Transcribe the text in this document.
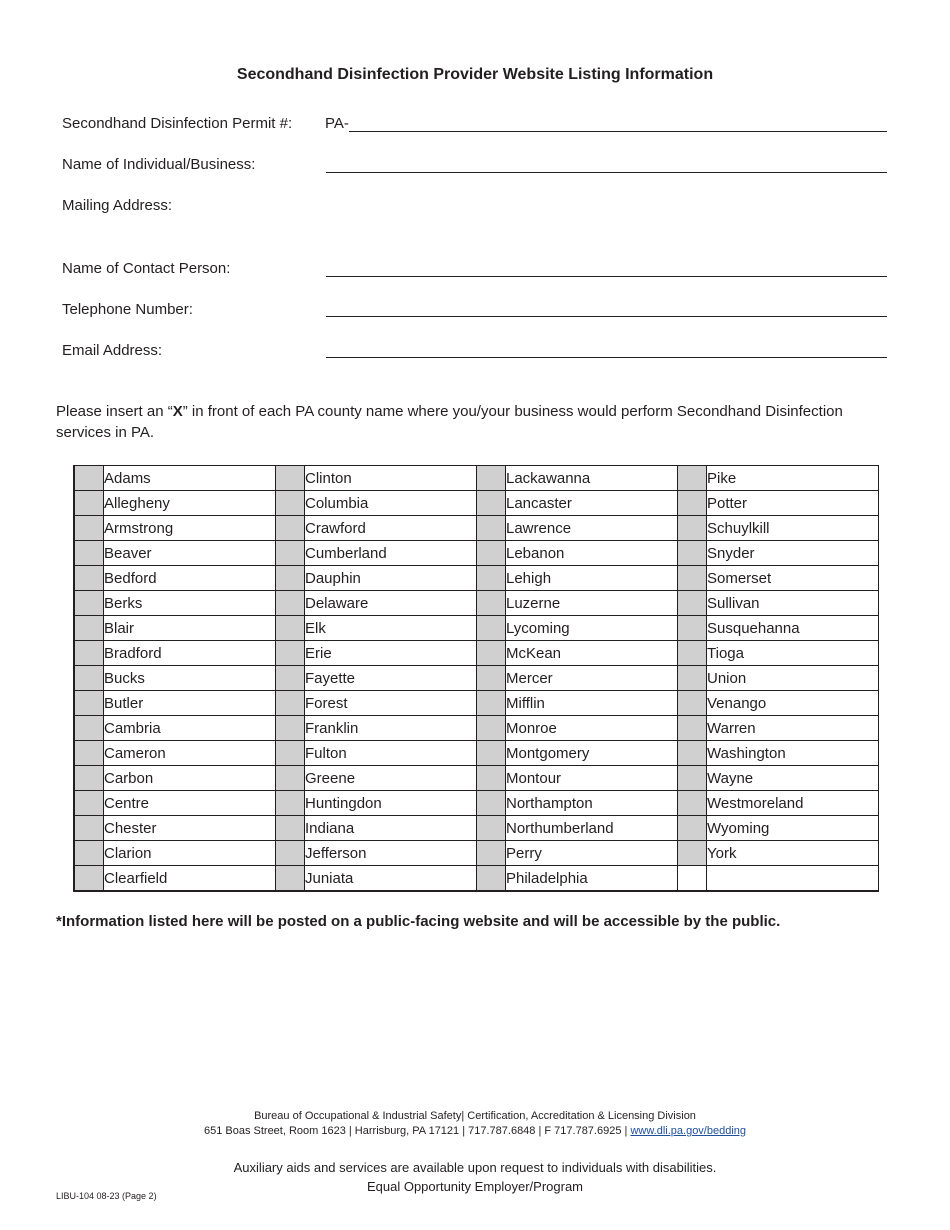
Secondhand Disinfection Provider Website Listing Information
Secondhand Disinfection Permit #: PA-
Name of Individual/Business:
Mailing Address:
Name of Contact Person:
Telephone Number:
Email Address:
Please insert an “X” in front of each PA county name where you/your business would perform Secondhand Disinfection services in PA.
	Adams		Clinton		Lackawanna		Pike
	Allegheny		Columbia		Lancaster		Potter
	Armstrong		Crawford		Lawrence		Schuylkill
	Beaver		Cumberland		Lebanon		Snyder
	Bedford		Dauphin		Lehigh		Somerset
	Berks		Delaware		Luzerne		Sullivan
	Blair		Elk		Lycoming		Susquehanna
	Bradford		Erie		McKean		Tioga
	Bucks		Fayette		Mercer		Union
	Butler		Forest		Mifflin		Venango
	Cambria		Franklin		Monroe		Warren
	Cameron		Fulton		Montgomery		Washington
	Carbon		Greene		Montour		Wayne
	Centre		Huntingdon		Northampton		Westmoreland
	Chester		Indiana		Northumberland		Wyoming
	Clarion		Jefferson		Perry		York
	Clearfield		Juniata		Philadelphia		
*Information listed here will be posted on a public-facing website and will be accessible by the public.
Bureau of Occupational & Industrial Safety| Certification, Accreditation & Licensing Division
651 Boas Street, Room 1623 | Harrisburg, PA 17121 | 717.787.6848 | F 717.787.6925 | www.dli.pa.gov/bedding
Auxiliary aids and services are available upon request to individuals with disabilities.
Equal Opportunity Employer/Program
LIBU-104 08-23 (Page 2)
